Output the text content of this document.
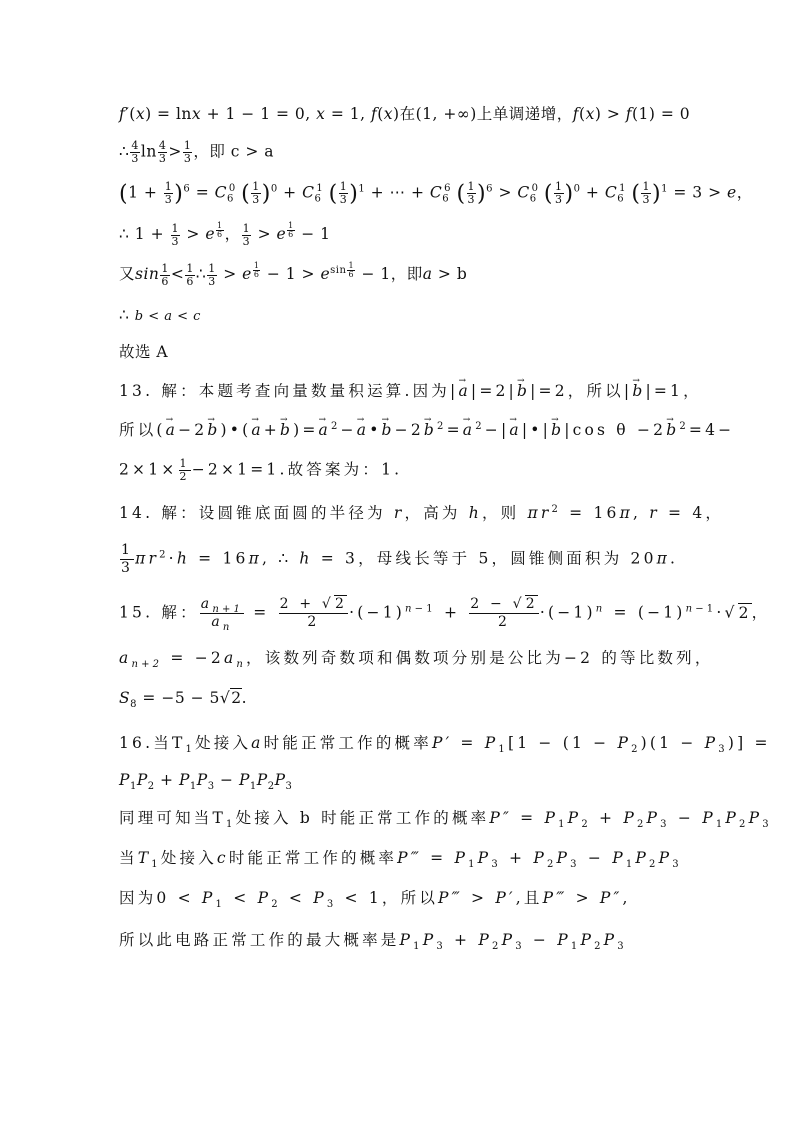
f′(x) = lnx + 1 − 1 = 0, x = 1, f(x)在(1, +∞)上单调递增，f(x) > f(1) = 0
∴ $\frac{4}{3}$ $\ln \frac{4}{3} > \frac{1}{3}$ ，即 c > a
$(1 + \frac{1}{3} )^6 = C_6^0$ ( $\frac{1}{3} )^0 + C_6^1$ ( $\frac{1}{3} )^1$ + ⋯ + $C_6^6$ ( $\frac{1}{3} )^6 > C_6^0$ ( $\frac{1}{3} )^0 + C_6^1$ ( $\frac{1}{3} )^1 = 3 > e$，
∴ $1 + \frac{1}{3} > e$ $^{\frac{1}{6}}$ ， $\frac{1}{3} > e$ $^{\frac{1}{6}}$ − 1
又$\sin \frac{1}{6} < \frac{1}{6}$ ∴ $\frac{1}{3} > e$ $^{\frac{1}{6}} - 1 > e^{sin \frac{1}{6}} - 1$，即a > b
∴ b < a < c
故选 A
13. 解：本题考查向量数量积运算.因为|→ a|=2|→ b|=2，所以|→ b|=1，
所以(→ a−2→ b)•(→ $a+\to b)=\to a^2-\to$ a•→ $b-2\to b^2=\to a^2-|\to$ a|•|→ b|cos $\theta -2\to b^2=4-$
$2\times 1\times \frac{1}{2} -2\times 1=1$.故答案为：1.
14. 解：设圆锥底面圆的半径为 r，高为 h，则 $\pi r^2 = 16\pi$, r = 4，
$\frac{1}{3} \pi r^2\cdot h = 16\pi$, ∴ h = 3，母线长等于 5，圆锥侧面积为 20π.
15. 解： $\frac{a_{n+1}}{a_n} = \frac{2 + √2}{2} \cdot(-1)^{n-1} + \frac{2 - √2}{2} \cdot(-1)^n = (-1)^{n-1}\cdot√2$，
$a_{n+2} = -2a_n$，该数列奇数项和偶数项分别是公比为−2 的等比数列，
$S_8 = -5 - 5√2$.
16.当$T_1$处接入a时能正常工作的概率$P' = P_1[1 - (1 - P_2)(1 - P_3)]$ =
$P_1P_2 + P_1P_3 - P_1P_2P_3$
同理可知当$T_1$处接入 b 时能正常工作的概率$P'' = P_1P_2 + P_2P_3 - P_1P_2P_3$
当$T_1$处接入c时能正常工作的概率P‴ = $P_1P_3 + P_2P_3 - P_1P_2P_3$
因为$0 < P_1 < P_2 < P_3 < 1$，所以P‴ > P′,且P‴ > P″,
所以此电路正常工作的最大概率是$P_1P_3 + P_2P_3 - P_1P_2P_3$
